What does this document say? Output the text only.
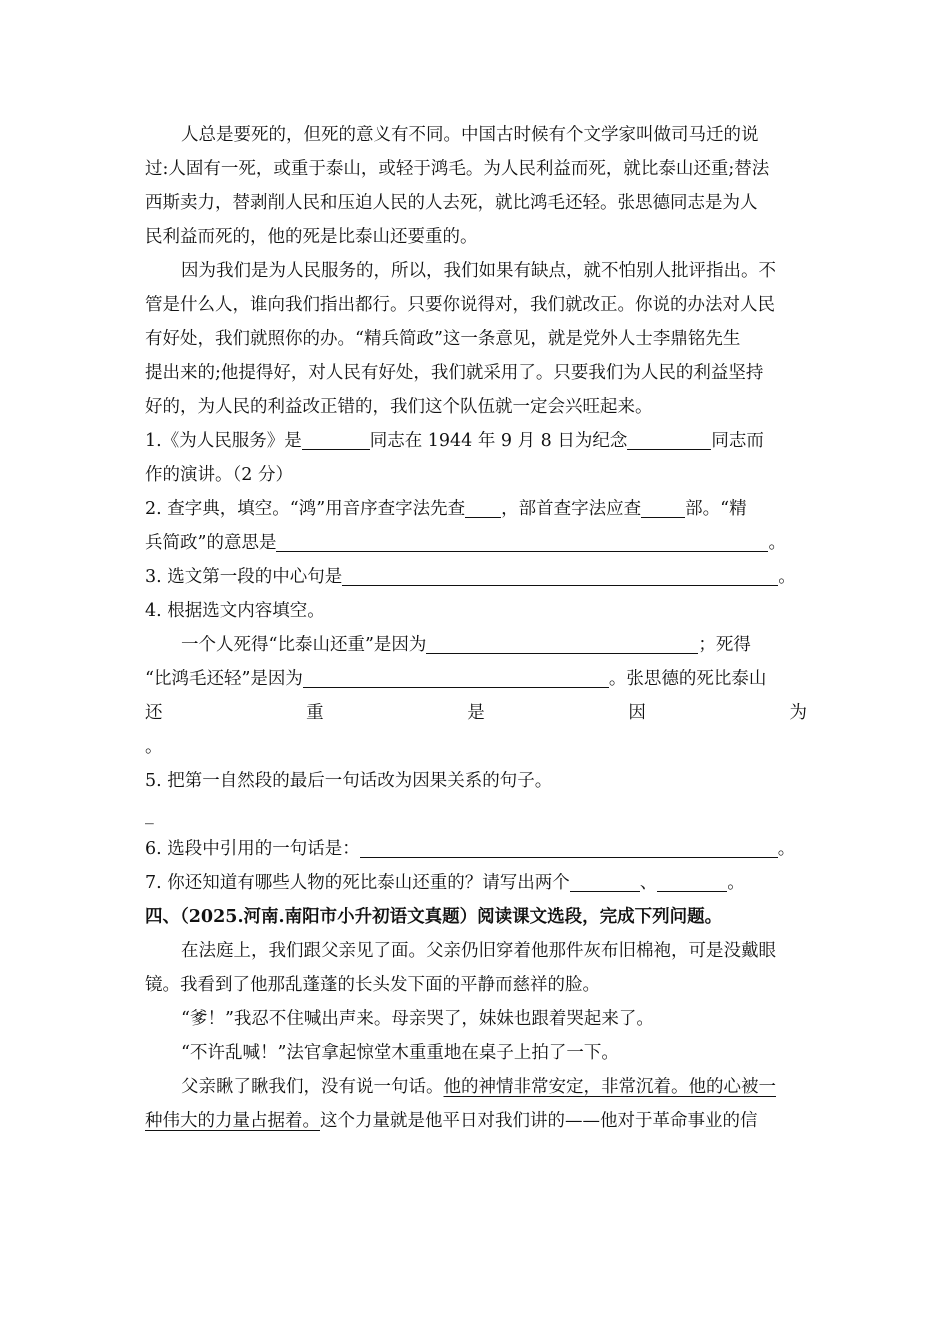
人总是要死的，但死的意义有不同。中国古时候有个文学家叫做司马迁的说
过:人固有一死，或重于泰山，或轻于鸿毛。为人民利益而死，就比泰山还重;替法
西斯卖力，替剥削人民和压迫人民的人去死，就比鸿毛还轻。张思德同志是为人
民利益而死的，他的死是比泰山还要重的。
因为我们是为人民服务的，所以，我们如果有缺点，就不怕别人批评指出。不
管是什么人，谁向我们指出都行。只要你说得对，我们就改正。你说的办法对人民
有好处，我们就照你的办。“精兵简政”这一条意见，就是党外人士李鼎铭先生
提出来的;他提得好，对人民有好处，我们就采用了。只要我们为人民的利益坚持
好的，为人民的利益改正错的，我们这个队伍就一定会兴旺起来。
1.《为人民服务》是	同志在 1944 年 9 月 8 日为纪念	同志而
作的演讲。（2 分）
2. 查字典，填空。“鸿”用音序查字法先查 ，部首查字法应查	部。“精
兵简政”的意思是	。
3. 选文第一段的中心句是	。
4. 根据选文内容填空。
一个人死得“比泰山还重”是因为	；死得
“比鸿毛还轻”是因为	。张思德的死比泰山
还	重	是	因	为
。
5. 把第一自然段的最后一句话改为因果关系的句子。
_
6. 选段中引用的一句话是：	。
7. 你还知道有哪些人物的死比泰山还重的？请写出两个	、	。
四、（2025.河南.南阳市小升初语文真题）阅读课文选段，完成下列问题。
在法庭上，我们跟父亲见了面。父亲仍旧穿着他那件灰布旧棉袍，可是没戴眼
镜。我看到了他那乱蓬蓬的长头发下面的平静而慈祥的脸。
“爹！”我忍不住喊出声来。母亲哭了，妹妹也跟着哭起来了。
“不许乱喊！”法官拿起惊堂木重重地在桌子上拍了一下。
父亲瞅了瞅我们，没有说一句话。他的神情非常安定，非常沉着。他的心被一
种伟大的力量占据着。这个力量就是他平日对我们讲的——他对于革命事业的信
